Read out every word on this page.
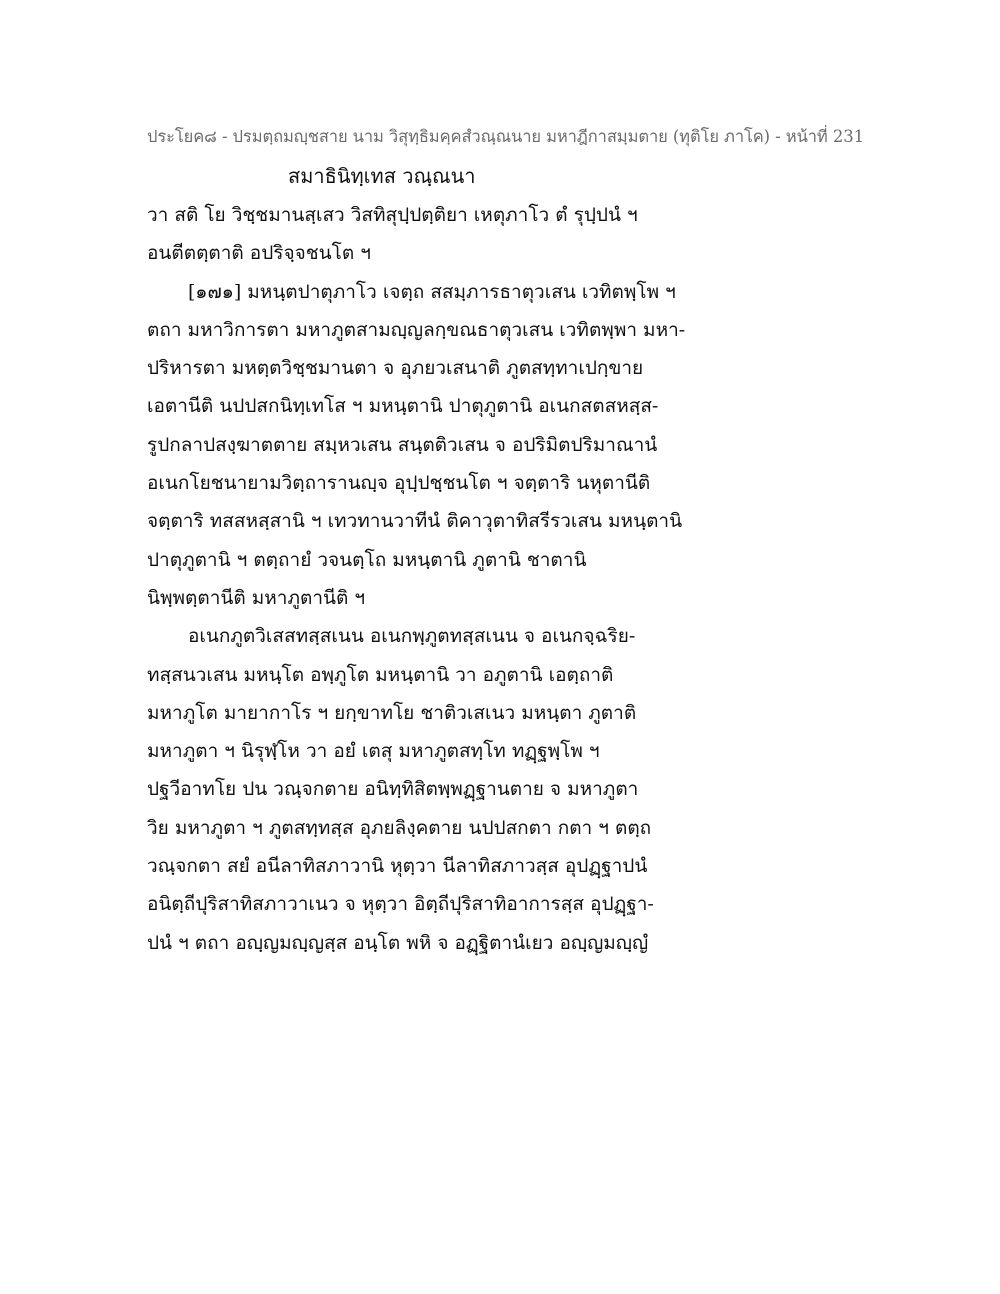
ประโยค๘ - ปรมตฺถมญฺชสาย นาม วิสุทฺธิมคฺคสํวณฺณนาย มหาฎีกาสมฺมตาย (ทุติโย ภาโค) - หน้าที่ 231
สมาธินิทฺเทส วณฺณนา
วา สติ โย วิชฺชมานสฺเสว วิสทิสุปฺปตฺติยา เหตุภาโว ตํ รุปฺปนํ ฯ
อนตีตตฺตาติ อปริจฺจชนโต ฯ
[๑๗๑] มหนฺตปาตุภาโว เจตฺถ สสมฺภารธาตุวเสน เวทิตพฺโพ ฯ
ตถา มหาวิการตา มหาภูตสามญฺญลกฺขณธาตุวเสน เวทิตพฺพา มหา-
ปริหารตา มหตฺตวิชฺชมานตา จ อุภยวเสนาติ ภูตสทฺทาเปกฺขาย
เอตานีติ นปปสกนิทฺเทโส ฯ มหนฺตานิ ปาตุภูตานิ อเนกสตสหสฺส-
รูปกลาปสงฺฆาตตาย สมฺหวเสน สนฺตติวเสน จ อปริมิตปริมาณานํ
อเนกโยชนายามวิตฺถารานญฺจ อุปฺปชฺชนโต ฯ จตฺตาริ นหุตานีติ
จตฺตาริ ทสสหสฺสานิ ฯ เทวทานวาทีนํ ติคาวุตาทิสรีรวเสน มหนฺตานิ
ปาตุภูตานิ ฯ ตตฺถายํ วจนตฺโถ มหนฺตานิ ภูตานิ ชาตานิ
นิพฺพตฺตานีติ มหาภูตานีติ ฯ
อเนกภูตวิเสสทสฺสเนน อเนกพฺภูตทสฺสเนน จ อเนกจฺฉริย-
ทสฺสนวเสน มหนฺโต อพฺภูโต มหนฺตานิ วา อภูตานิ เอตฺถาติ
มหาภูโต มายากาโร ฯ ยกฺขาทโย ชาติวเสเนว มหนฺตา ภูตาติ
มหาภูตา ฯ นิรุฬฺโห วา อยํ เตสุ มหาภูตสทฺโท ทฏฺฐพฺโพ ฯ
ปฐวีอาทโย ปน วณฺจกตาย อนิทฺทิสิตพฺพฏฺฐานตาย จ มหาภูตา
วิย มหาภูตา ฯ ภูตสทฺทสฺส อุภยลิงฺคตาย นปปสกตา กตา ฯ ตตฺถ
วณฺจกตา สยํ อนีลาทิสภาวานิ หุตฺวา นีลาทิสภาวสฺส อุปฏฺฐาปนํ
อนิตฺถีปุริสาทิสภาวาเนว จ หุตฺวา อิตฺถีปุริสาทิอาการสฺส อุปฏฺฐา-
ปนํ ฯ ตถา อญฺญมญฺญสฺส อนฺโต พหิ จ อฏฺฐิตานํเยว อญฺญมญฺญํ
